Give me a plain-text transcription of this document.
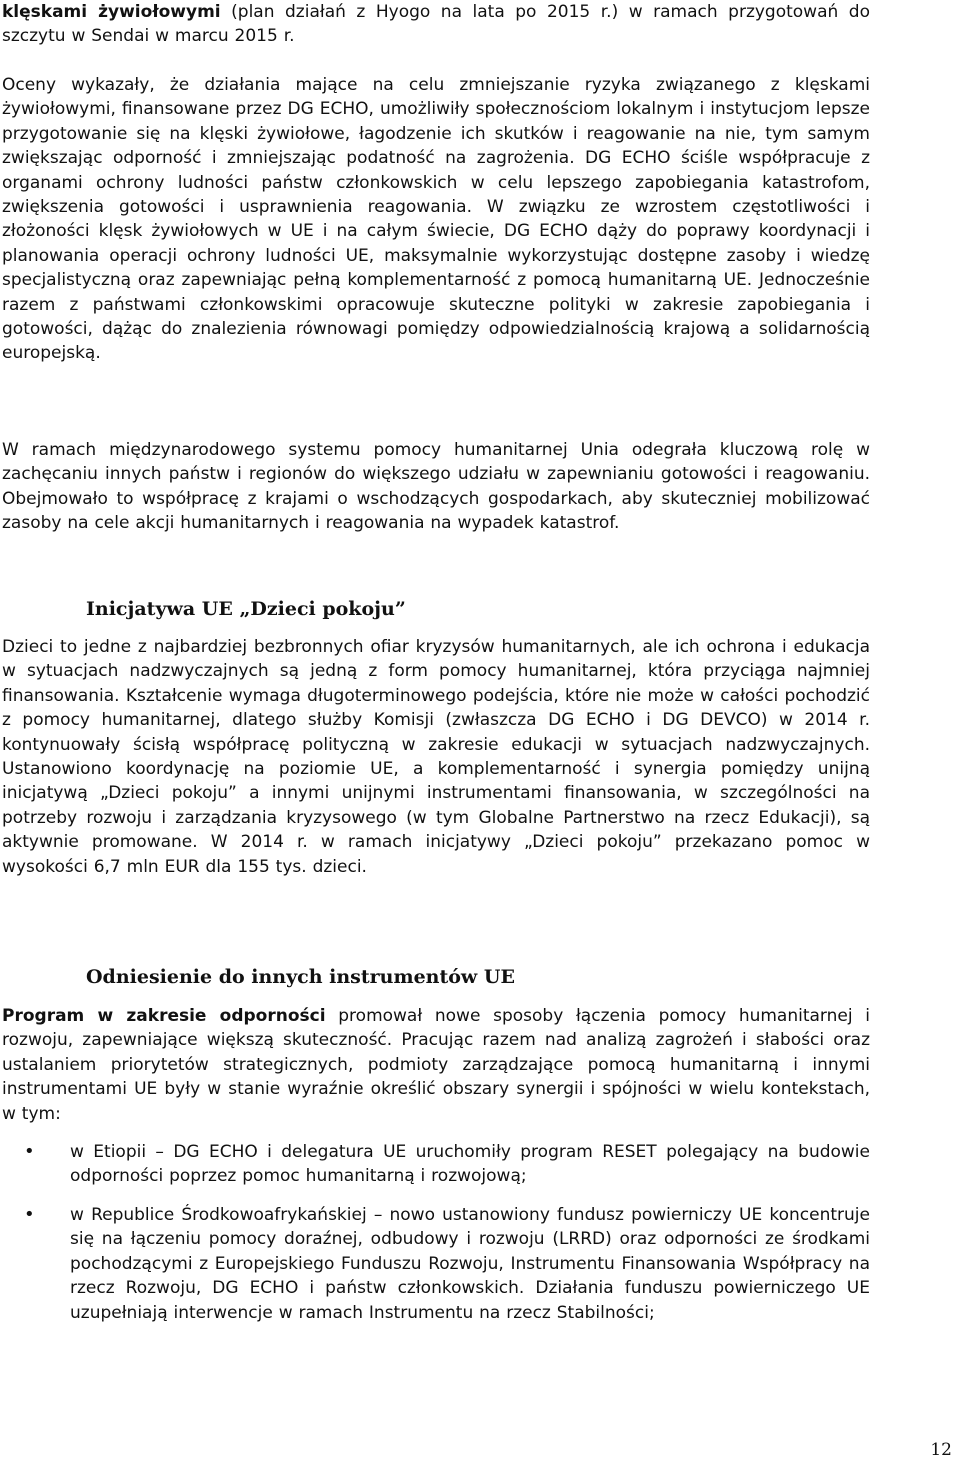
klęskami żywiołowymi (plan działań z Hyogo na lata po 2015 r.) w ramach przygotowań do szczytu w Sendai w marcu 2015 r.

Oceny wykazały, że działania mające na celu zmniejszanie ryzyka związanego z klęskami żywiołowymi, finansowane przez DG ECHO, umożliwiły społecznościom lokalnym i instytucjom lepsze przygotowanie się na klęski żywiołowe, łagodzenie ich skutków i reagowanie na nie, tym samym zwiększając odporność i zmniejszając podatność na zagrożenia. DG ECHO ściśle współpracuje z organami ochrony ludności państw członkowskich w celu lepszego zapobiegania katastrofom, zwiększenia gotowości i usprawnienia reagowania. W związku ze wzrostem częstotliwości i złożoności klęsk żywiołowych w UE i na całym świecie, DG ECHO dąży do poprawy koordynacji i planowania operacji ochrony ludności UE, maksymalnie wykorzystując dostępne zasoby i wiedzę specjalistyczną oraz zapewniając pełną komplementarność z pomocą humanitarną UE. Jednocześnie razem z państwami członkowskimi opracowuje skuteczne polityki w zakresie zapobiegania i gotowości, dążąc do znalezienia równowagi pomiędzy odpowiedzialnością krajową a solidarnością europejską.

W ramach międzynarodowego systemu pomocy humanitarnej Unia odegrała kluczową rolę w zachęcaniu innych państw i regionów do większego udziału w zapewnianiu gotowości i reagowaniu. Obejmowało to współpracę z krajami o wschodzących gospodarkach, aby skuteczniej mobilizować zasoby na cele akcji humanitarnych i reagowania na wypadek katastrof.

Inicjatywa UE „Dzieci pokoju”

Dzieci to jedne z najbardziej bezbronnych ofiar kryzysów humanitarnych, ale ich ochrona i edukacja w sytuacjach nadzwyczajnych są jedną z form pomocy humanitarnej, która przyciąga najmniej finansowania. Kształcenie wymaga długoterminowego podejścia, które nie może w całości pochodzić z pomocy humanitarnej, dlatego służby Komisji (zwłaszcza DG ECHO i DG DEVCO) w 2014 r. kontynuowały ścisłą współpracę polityczną w zakresie edukacji w sytuacjach nadzwyczajnych. Ustanowiono koordynację na poziomie UE, a komplementarność i synergia pomiędzy unijną inicjatywą „Dzieci pokoju” a innymi unijnymi instrumentami finansowania, w szczególności na potrzeby rozwoju i zarządzania kryzysowego (w tym Globalne Partnerstwo na rzecz Edukacji), są aktywnie promowane. W 2014 r. w ramach inicjatywy „Dzieci pokoju” przekazano pomoc w wysokości 6,7 mln EUR dla 155 tys. dzieci.

Odniesienie do innych instrumentów UE

Program w zakresie odporności promował nowe sposoby łączenia pomocy humanitarnej i rozwoju, zapewniające większą skuteczność. Pracując razem nad analizą zagrożeń i słabości oraz ustalaniem priorytetów strategicznych, podmioty zarządzające pomocą humanitarną i innymi instrumentami UE były w stanie wyraźnie określić obszary synergii i spójności w wielu kontekstach, w tym:

• w Etiopii – DG ECHO i delegatura UE uruchomiły program RESET polegający na budowie odporności poprzez pomoc humanitarną i rozwojową;

• w Republice Środkowoafrykańskiej – nowo ustanowiony fundusz powierniczy UE koncentruje się na łączeniu pomocy doraźnej, odbudowy i rozwoju (LRRD) oraz odporności ze środkami pochodzącymi z Europejskiego Funduszu Rozwoju, Instrumentu Finansowania Współpracy na rzecz Rozwoju, DG ECHO i państw członkowskich. Działania funduszu powierniczego UE uzupełniają interwencje w ramach Instrumentu na rzecz Stabilności;

12
